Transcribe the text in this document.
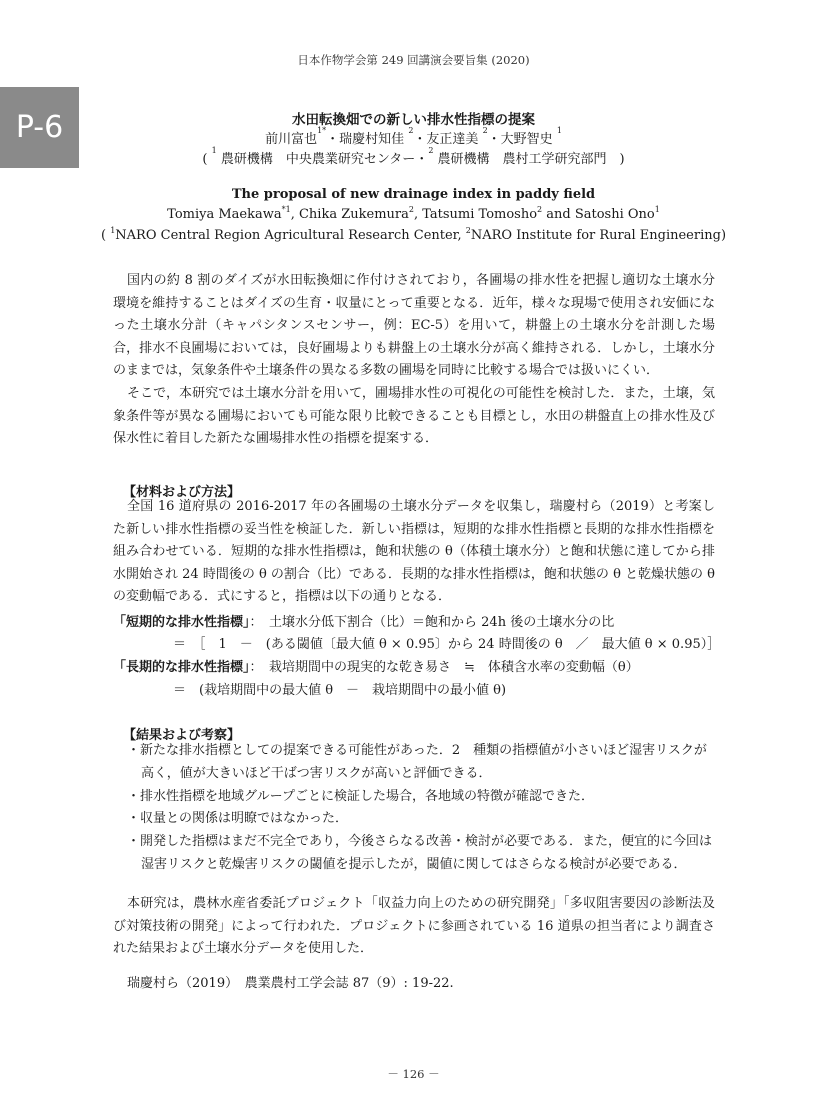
日本作物学会第 249 回講演会要旨集 (2020)
P-6	水田転換畑での新しい排水性指標の提案
前川富也$^{1*}$・瑞慶村知佳 $^2$・友正達美 $^2$・大野智史 $^1$
( $^1$ 農研機構　中央農業研究センター・$^2$ 農研機構　農村工学研究部門　)
The proposal of new drainage index in paddy field
Tomiya Maekawa$^{*1}$, Chika Zukemura$^2$, Tatsumi Tomosho$^2$ and Satoshi Ono$^1$
( $^1$NARO Central Region Agricultural Research Center, $^2$NARO Institute for Rural Engineering)
国内の約 8 割のダイズが水田転換畑に作付けされており，各圃場の排水性を把握し適切な土壌水分環境を維持することはダイズの生育・収量にとって重要となる．近年，様々な現場で使用され安価になった土壌水分計（キャパシタンスセンサー，例：EC-5）を用いて，耕盤上の土壌水分を計測した場合，排水不良圃場においては，良好圃場よりも耕盤上の土壌水分が高く維持される．しかし，土壌水分のままでは，気象条件や土壌条件の異なる多数の圃場を同時に比較する場合では扱いにくい．
そこで，本研究では土壌水分計を用いて，圃場排水性の可視化の可能性を検討した．また，土壌，気象条件等が異なる圃場においても可能な限り比較できることも目標とし，水田の耕盤直上の排水性及び保水性に着目した新たな圃場排水性の指標を提案する．
【材料および方法】
全国 16 道府県の 2016-2017 年の各圃場の土壌水分データを収集し，瑞慶村ら（2019）と考案した新しい排水性指標の妥当性を検証した．新しい指標は，短期的な排水性指標と長期的な排水性指標を組み合わせている．短期的な排水性指標は，飽和状態の θ（体積土壌水分）と飽和状態に達してから排水開始され 24 時間後の θ の割合（比）である．長期的な排水性指標は，飽和状態の θ と乾燥状態の θ の変動幅である．式にすると，指標は以下の通りとなる．
「短期的な排水性指標」：　土壌水分低下割合（比）＝飽和から 24h 後の土壌水分の比
＝　［　1　－　(ある閾値〔最大値 θ × 0.95〕から 24 時間後の θ　／　最大値 θ × 0.95）］
「長期的な排水性指標」：　栽培期間中の現実的な乾き易さ　≒　体積含水率の変動幅（θ）
＝　(栽培期間中の最大値 θ　－　栽培期間中の最小値 θ)
【結果および考察】
・新たな排水指標としての提案できる可能性があった．2　種類の指標値が小さいほど湿害リスクが
高く，値が大きいほど干ばつ害リスクが高いと評価できる．
・排水性指標を地域グループごとに検証した場合，各地域の特徴が確認できた．
・収量との関係は明瞭ではなかった．
・開発した指標はまだ不完全であり，今後さらなる改善・検討が必要である．また，便宜的に今回は
湿害リスクと乾燥害リスクの閾値を提示したが，閾値に関してはさらなる検討が必要である．
本研究は，農林水産省委託プロジェクト「収益力向上のための研究開発」「多収阻害要因の診断法及び対策技術の開発」によって行われた．プロジェクトに参画されている 16 道県の担当者により調査された結果および土壌水分データを使用した．
瑞慶村ら（2019）　農業農村工学会誌 87（9）: 19-22.
－ 126 －
